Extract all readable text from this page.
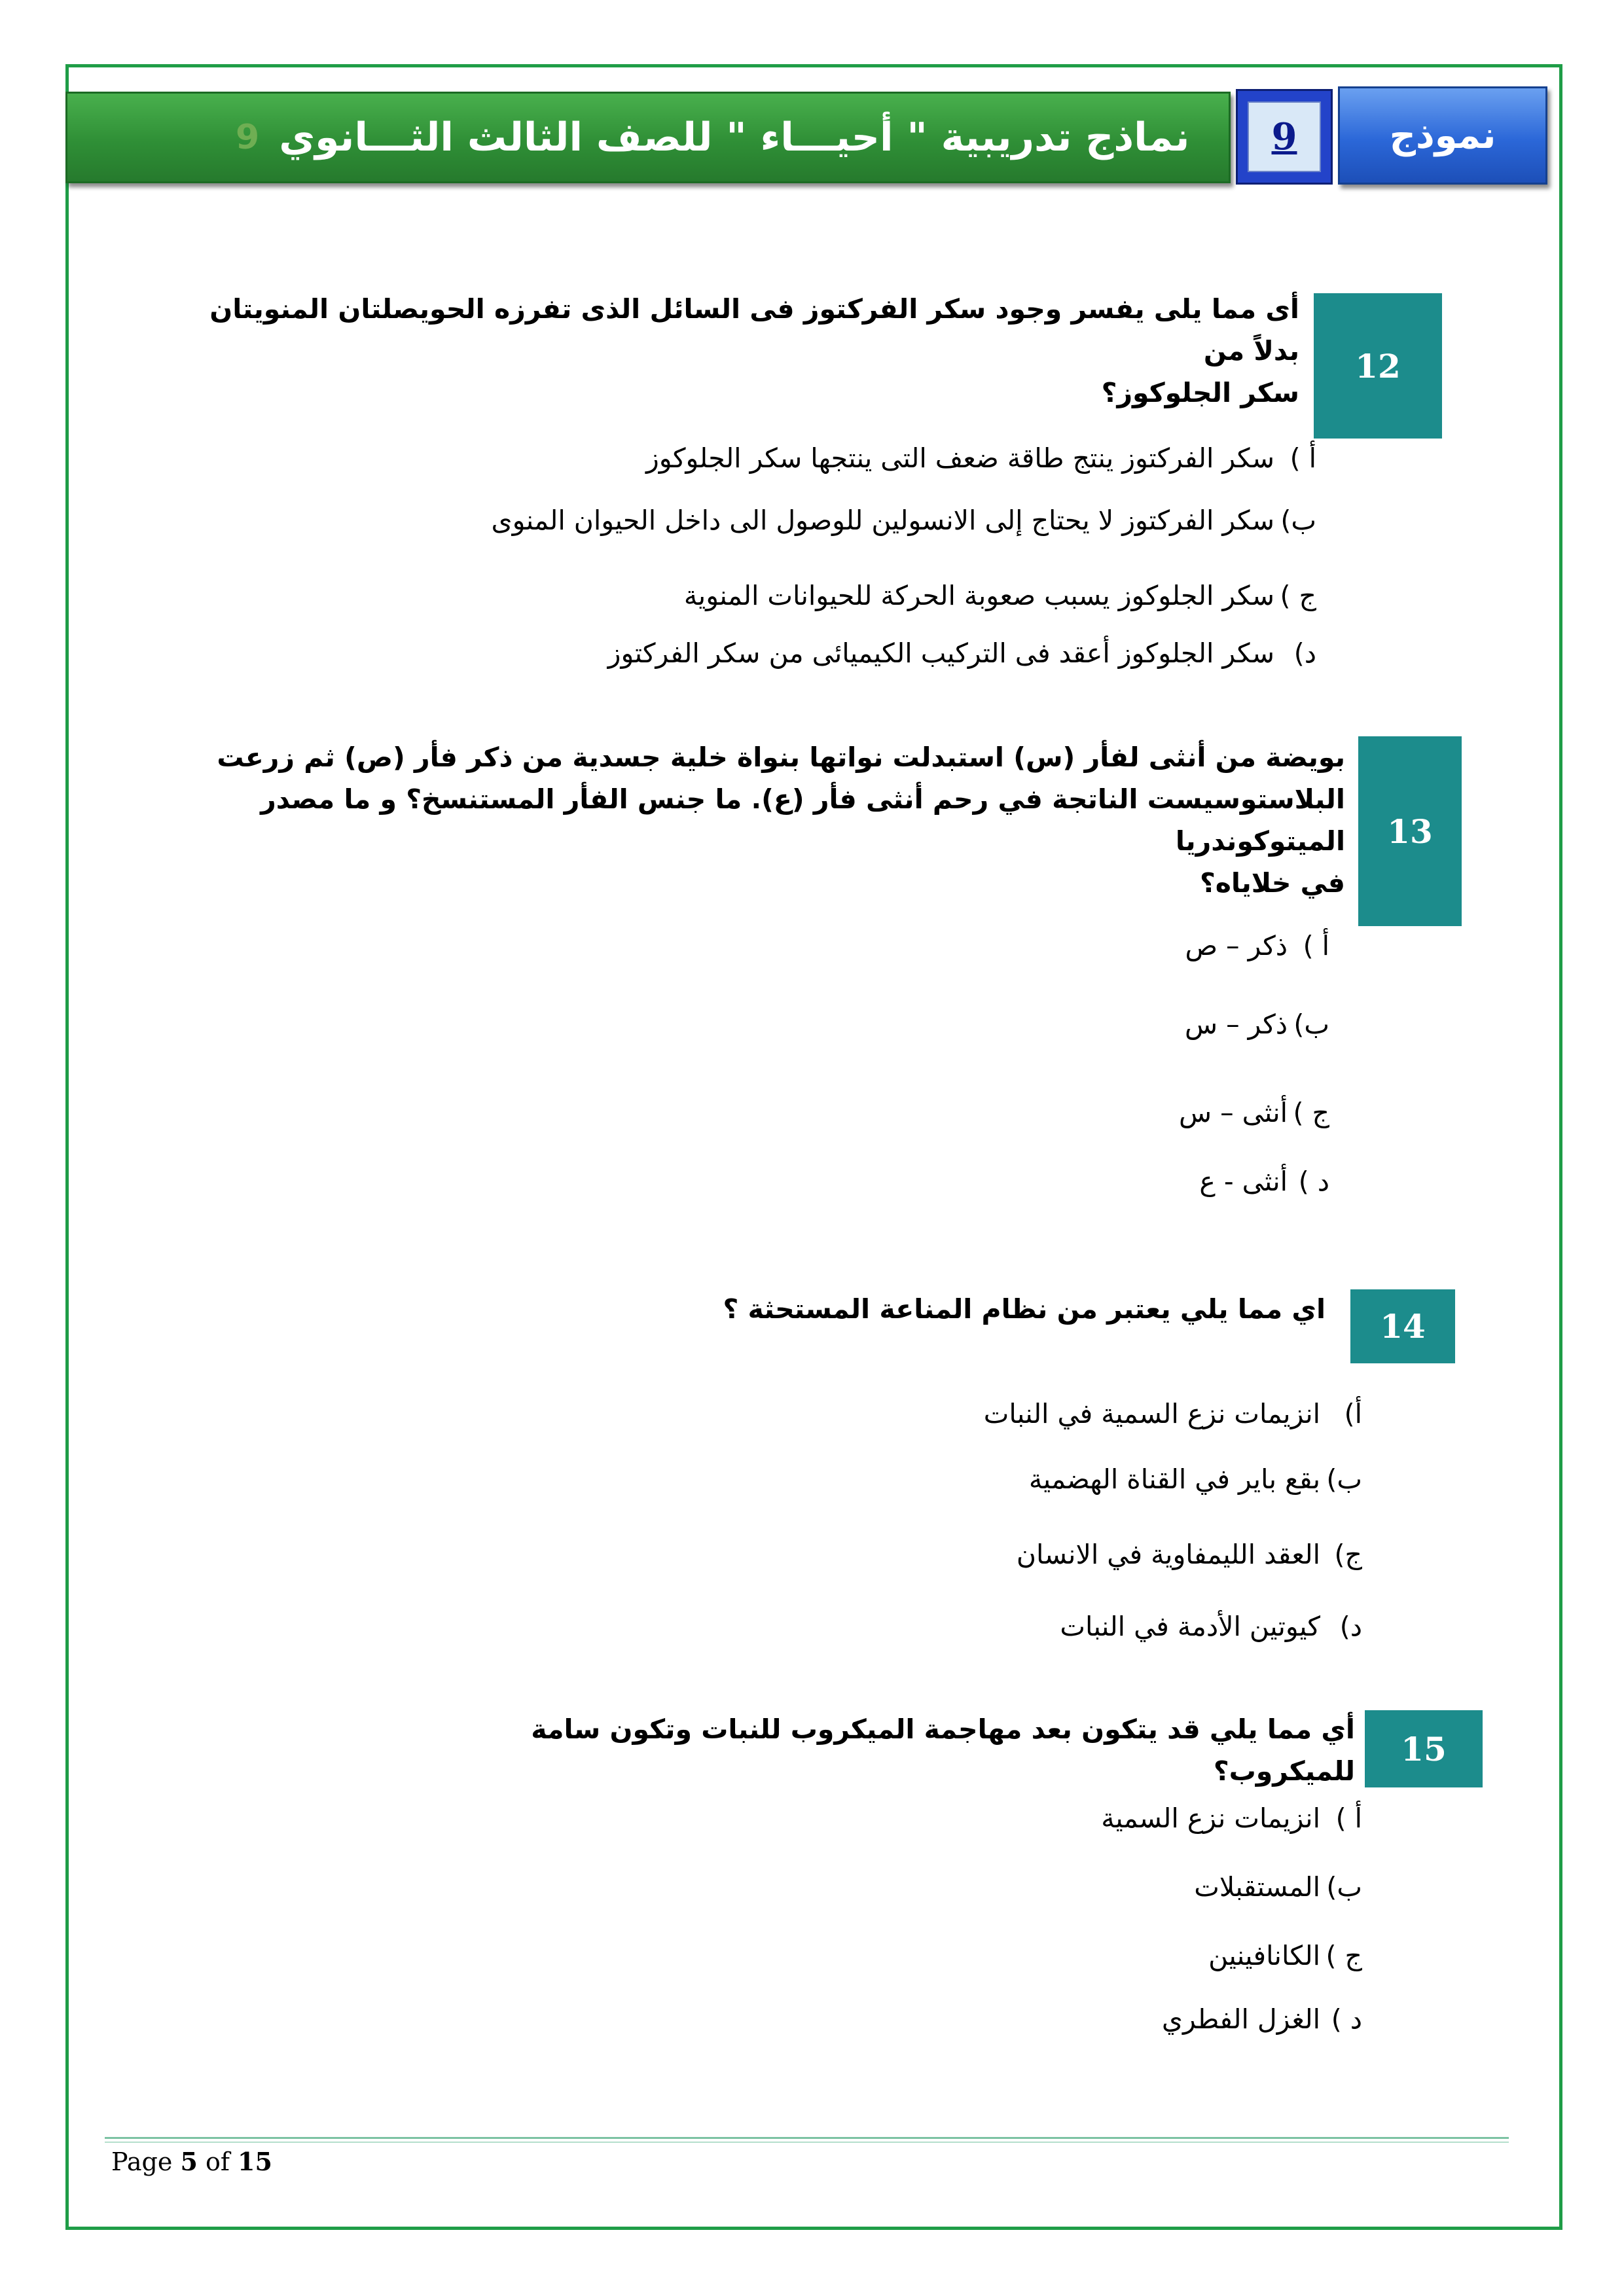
نماذج تدريبية " أحيـــاء " للصف الثالث الثـــانوي
9	9	نموذج
12
أى مما يلى يفسر وجود سكر الفركتوز فى السائل الذى تفرزه الحويصلتان المنويتان بدلاً من
سكر الجلوكوز؟
أ )سكر الفركتوز ينتج طاقة ضعف التى ينتجها سكر الجلوكوز
ب)سكر الفركتوز لا يحتاج إلى الانسولين للوصول الى داخل الحيوان المنوى
ج )سكر الجلوكوز يسبب صعوبة الحركة للحيوانات المنوية
د)سكر الجلوكوز أعقد فى التركيب الكيميائى من سكر الفركتوز
13
بويضة من أنثى لفأر (س) استبدلت نواتها بنواة خلية جسدية من ذكر فأر (ص) ثم زرعت
البلاستوسيست الناتجة في رحم أنثى فأر (ع). ما جنس الفأر المستنسخ؟ و ما مصدر الميتوكوندريا
في خلاياه؟
أ )ذكر – ص
ب)ذكر – س
ج )أنثى – س
د )أنثى - ع
14
اي مما يلي يعتبر من نظام المناعة المستحثة ؟
أ)انزيمات نزع السمية في النبات
ب)بقع باير في القناة الهضمية
ج)العقد الليمفاوية في الانسان
د)كيوتين الأدمة في النبات
15
أي مما يلي قد يتكون بعد مهاجمة الميكروب للنبات وتكون سامة للميكروب؟
أ )انزيمات نزع السمية
ب)المستقبلات
ج )الكانافينين
د )الغزل الفطري
Page 5 of 15
